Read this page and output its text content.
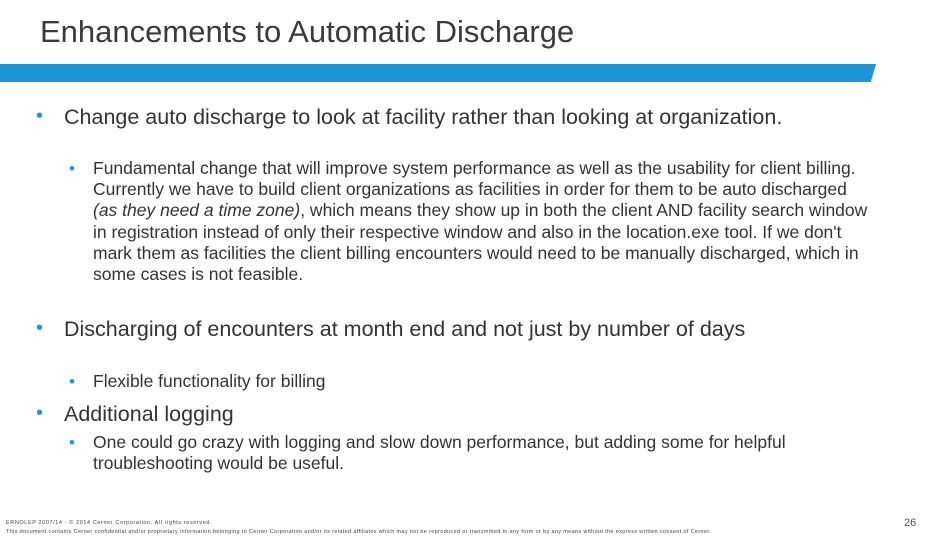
Enhancements to Automatic Discharge
• Change auto discharge to look at facility rather than looking at organization.
• Fundamental change that will improve system performance as well as the usability for client billing. Currently we have to build client organizations as facilities in order for them to be auto discharged (as they need a time zone), which means they show up in both the client AND facility search window in registration instead of only their respective window and also in the location.exe tool. If we don't mark them as facilities the client billing encounters would need to be manually discharged, which in some cases is not feasible.
• Discharging of encounters at month end and not just by number of days
• Flexible functionality for billing
• Additional logging
• One could go crazy with logging and slow down performance, but adding some for helpful troubleshooting would be useful.
ERNOLEP 2007/14 · © 2014 Cerner Corporation. All rights reserved.
This document contains Cerner confidential and/or proprietary information belonging to Cerner Corporation and/or its related affiliates which may not be reproduced or transmitted in any form or by any means without the express written consent of Cerner.
26
